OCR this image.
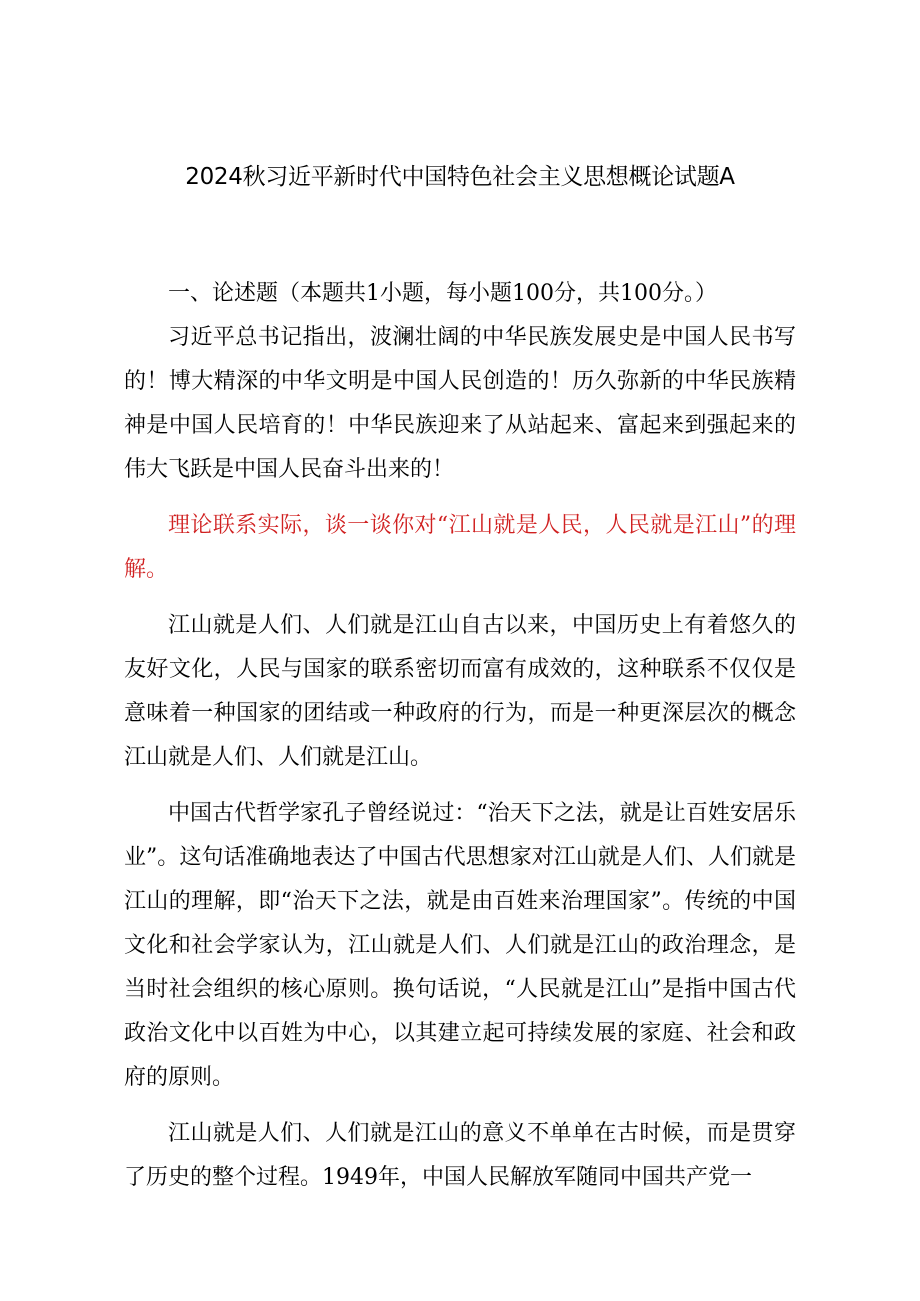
2024秋习近平新时代中国特色社会主义思想概论试题A
一、论述题（本题共1小题，每小题100分，共100分。）

习近平总书记指出，波澜壮阔的中华民族发展史是中国人民书写的！博大精深的中华文明是中国人民创造的！历久弥新的中华民族精神是中国人民培育的！中华民族迎来了从站起来、富起来到强起来的伟大飞跃是中国人民奋斗出来的！

理论联系实际，谈一谈你对“江山就是人民，人民就是江山”的理解。

江山就是人们、人们就是江山自古以来，中国历史上有着悠久的友好文化，人民与国家的联系密切而富有成效的，这种联系不仅仅是意味着一种国家的团结或一种政府的行为，而是一种更深层次的概念江山就是人们、人们就是江山。

中国古代哲学家孔子曾经说过：“治天下之法，就是让百姓安居乐业”。这句话准确地表达了中国古代思想家对江山就是人们、人们就是江山的理解，即“治天下之法，就是由百姓来治理国家”。传统的中国文化和社会学家认为，江山就是人们、人们就是江山的政治理念，是当时社会组织的核心原则。换句话说，“人民就是江山”是指中国古代政治文化中以百姓为中心，以其建立起可持续发展的家庭、社会和政府的原则。

江山就是人们、人们就是江山的意义不单单在古时候，而是贯穿了历史的整个过程。1949年，中国人民解放军随同中国共产党一
